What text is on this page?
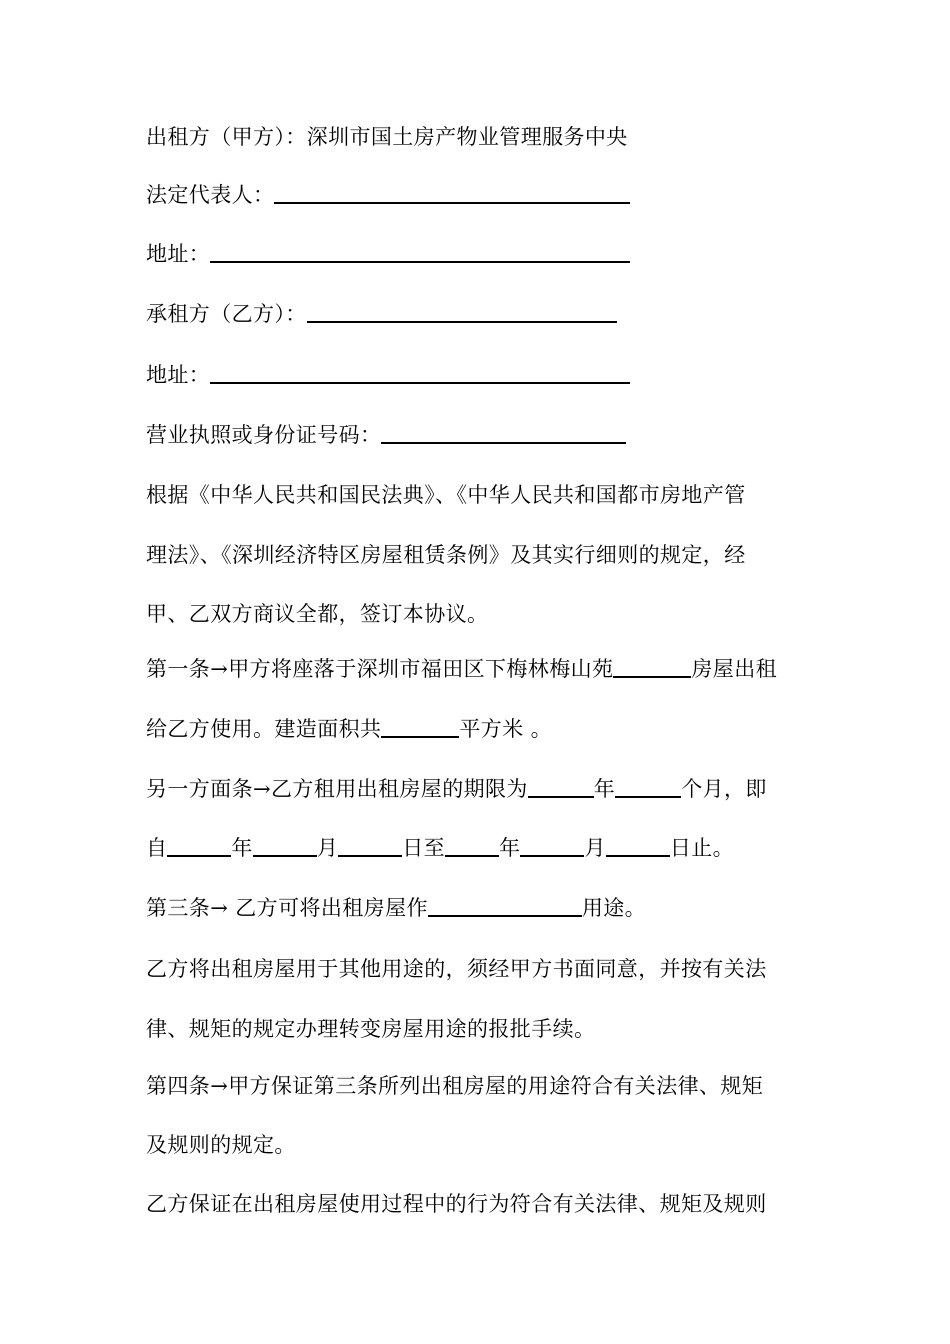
出租方（甲方）：深圳市国土房产物业管理服务中央
法定代表人：
地址：
承租方（乙方）：
地址：
营业执照或身份证号码：
根据《中华人民共和国民法典》、《中华人民共和国都市房地产管
理法》、《深圳经济特区房屋租赁条例》及其实行细则的规定，经
甲、乙双方商议全都，签订本协议。
第一条→甲方将座落于深圳市福田区下梅林梅山苑	房屋出租
给乙方使用。建造面积共	平方米 。
另一方面条→乙方租用出租房屋的期限为	年	个月，即
自	年	月	日至	年	月	日止。
第三条→ 乙方可将出租房屋作	用途。
乙方将出租房屋用于其他用途的，须经甲方书面同意，并按有关法
律、规矩的规定办理转变房屋用途的报批手续。
第四条→甲方保证第三条所列出租房屋的用途符合有关法律、规矩
及规则的规定。
乙方保证在出租房屋使用过程中的行为符合有关法律、规矩及规则
